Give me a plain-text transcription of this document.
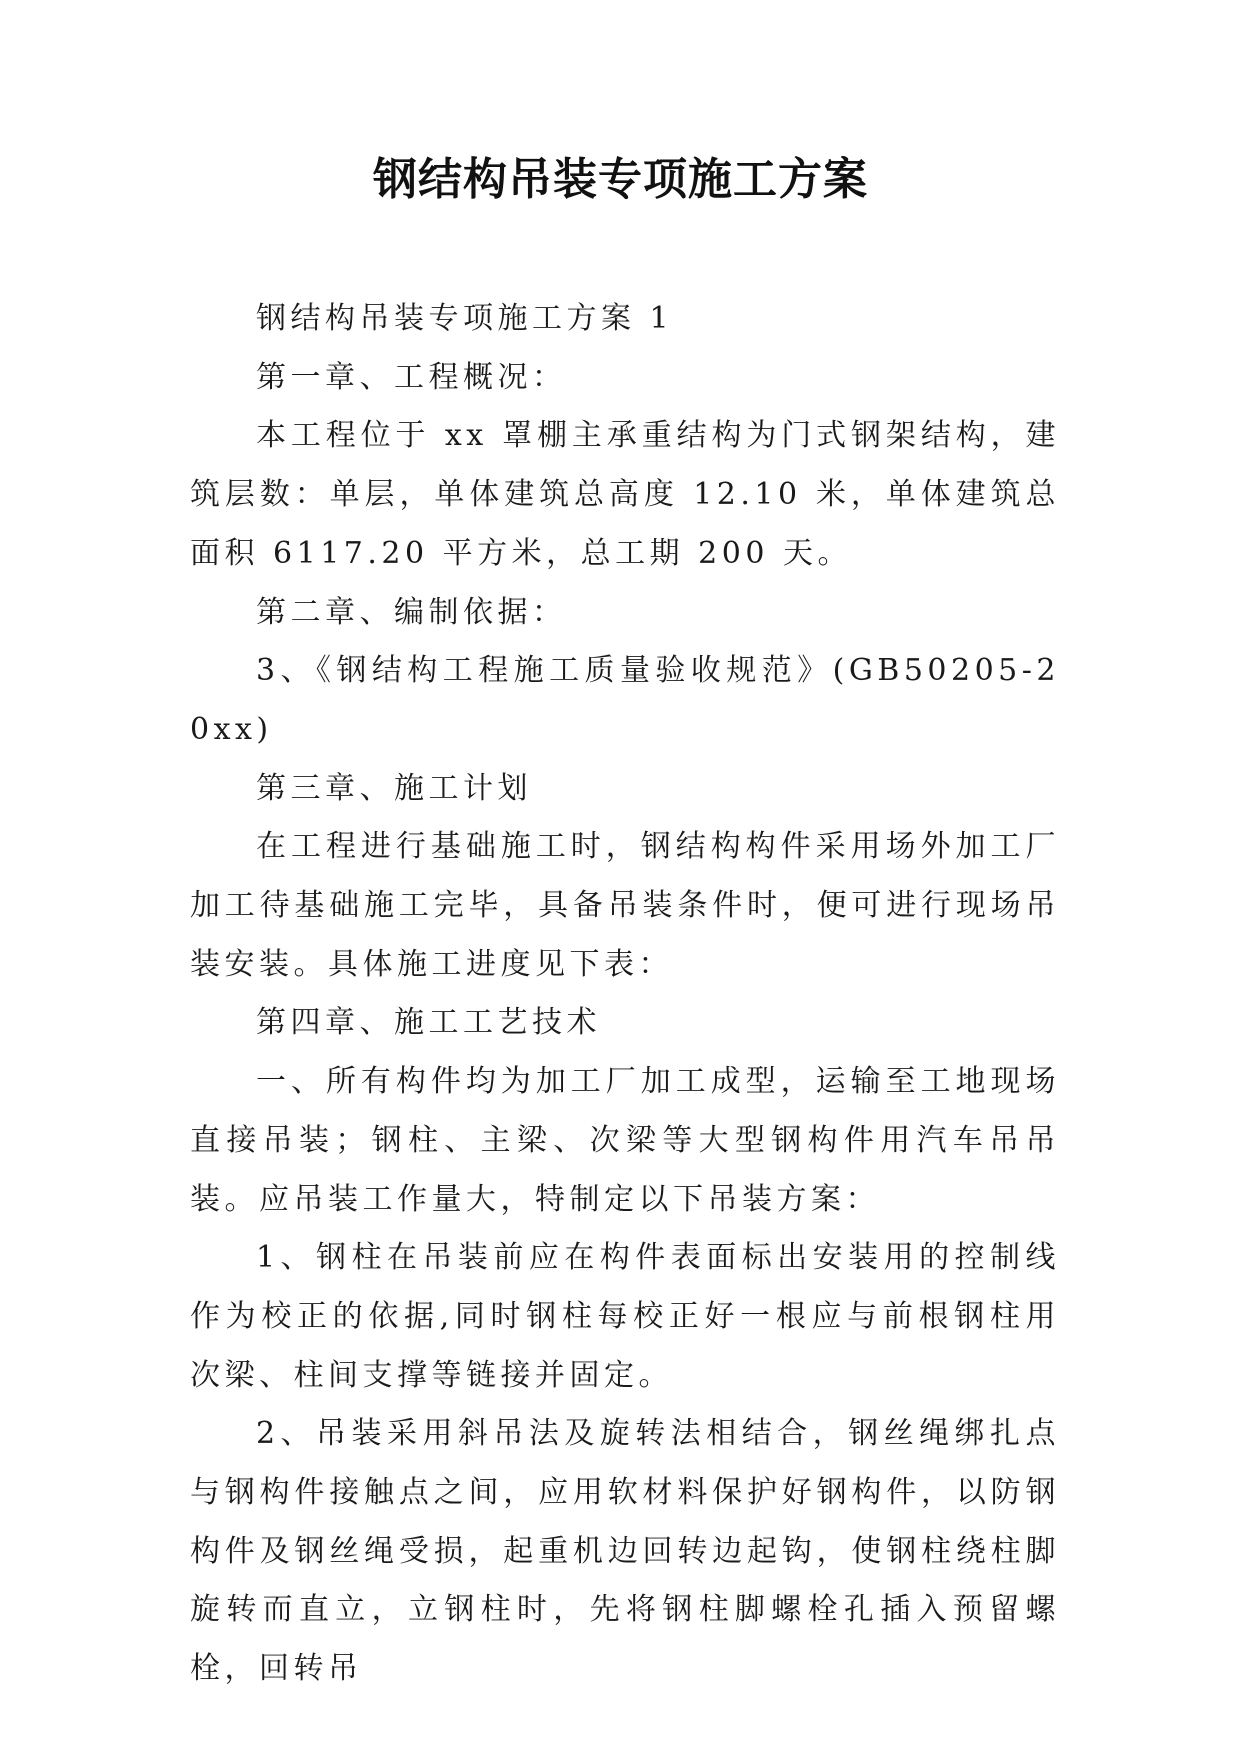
钢结构吊装专项施工方案

钢结构吊装专项施工方案 1

第一章、工程概况：

本工程位于 xx 罩棚主承重结构为门式钢架结构，建筑层数：单层，单体建筑总高度 12.10 米，单体建筑总面积 6117.20 平方米，总工期 200 天。

第二章、编制依据：

3、《钢结构工程施工质量验收规范》(GB50205-20xx)

第三章、施工计划

在工程进行基础施工时，钢结构构件采用场外加工厂加工待基础施工完毕，具备吊装条件时，便可进行现场吊装安装。具体施工进度见下表：

第四章、施工工艺技术

一、所有构件均为加工厂加工成型，运输至工地现场直接吊装；钢柱、主梁、次梁等大型钢构件用汽车吊吊装。应吊装工作量大，特制定以下吊装方案：

1、钢柱在吊装前应在构件表面标出安装用的控制线作为校正的依据,同时钢柱每校正好一根应与前根钢柱用次梁、柱间支撑等链接并固定。

2、吊装采用斜吊法及旋转法相结合，钢丝绳绑扎点与钢构件接触点之间，应用软材料保护好钢构件，以防钢构件及钢丝绳受损，起重机边回转边起钩，使钢柱绕柱脚旋转而直立，立钢柱时，先将钢柱脚螺栓孔插入预留螺栓，回转吊
